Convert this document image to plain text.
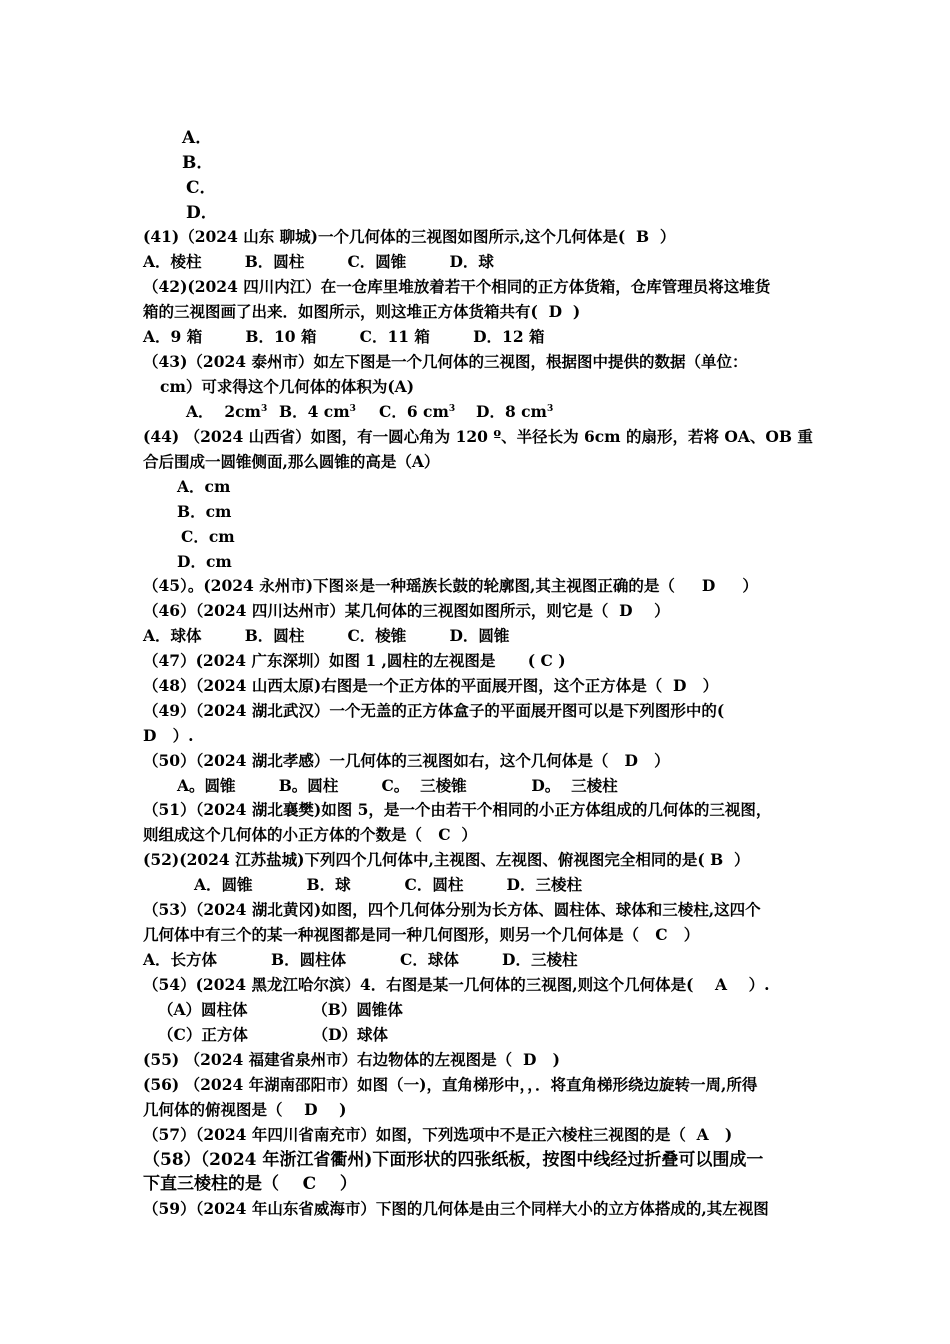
A．
B．
C．
D．
(41)（2024 山东 聊城)一个几何体的三视图如图所示,这个几何体是(  B  ）
A．棱柱        B．圆柱        C．圆锥        D．球
（42)(2024 四川内江）在一仓库里堆放着若干个相同的正方体货箱，仓库管理员将这堆货
箱的三视图画了出来．如图所示，则这堆正方体货箱共有(  D  )
A．9 箱        B．10 箱        C．11 箱        D．12 箱
（43)（2024 泰州市）如左下图是一个几何体的三视图，根据图中提供的数据（单位：
cm）可求得这个几何体的体积为(A)
A．  $2cm^3$ B．4 $cm^3$ C．6 $cm^3$ D．8 $cm^3$
(44) （2024 山西省）如图，有一圆心角为 120 º、半径长为 6cm 的扇形，若将 OA、OB 重
合后围成一圆锥侧面,那么圆锥的高是（A）
A．cm
B．cm
C．cm
D．cm
（45）。(2024 永州市)下图※是一种瑶族长鼓的轮廓图,其主视图正确的是（     D     ）
（46）（2024 四川达州市）某几何体的三视图如图所示，则它是（  D    ）
A．球体        B．圆柱        C．棱锥        D．圆锥
（47）(2024 广东深圳）如图 1 ,圆柱的左视图是      ( C )
（48）（2024 山西太原)右图是一个正方体的平面展开图，这个正方体是（  D   ）
（49）（2024 湖北武汉）一个无盖的正方体盒子的平面展开图可以是下列图形中的(
D   ）.
（50）（2024 湖北孝感）一几何体的三视图如右，这个几何体是（   D   ）
A。圆锥        B。圆柱        C。  三棱锥            D。  三棱柱
（51）（2024 湖北襄樊)如图 5，是一个由若干个相同的小正方体组成的几何体的三视图，
则组成这个几何体的小正方体的个数是（   C  ）
(52)(2024 江苏盐城)下列四个几何体中,主视图、左视图、俯视图完全相同的是( B  ）
A．圆锥          B．球          C．圆柱        D．三棱柱
（53）（2024 湖北黄冈)如图，四个几何体分别为长方体、圆柱体、球体和三棱柱,这四个
几何体中有三个的某一种视图都是同一种几何图形，则另一个几何体是（   C   ）
A．长方体          B．圆柱体          C．球体        D．三棱柱
（54）(2024 黑龙江哈尔滨）4．右图是某一几何体的三视图,则这个几何体是(    A    ）.
（A）圆柱体            （B）圆锥体
（C）正方体            （D）球体
(55) （2024 福建省泉州市）右边物体的左视图是（  D   )
(56) （2024 年湖南邵阳市）如图（一)，直角梯形中，，．将直角梯形绕边旋转一周,所得
几何体的俯视图是（    D    )
（57）（2024 年四川省南充市）如图，下列选项中不是正六棱柱三视图的是（  A   )
（58）（2024 年浙江省衢州)下面形状的四张纸板，按图中线经过折叠可以围成一
下直三棱柱的是（    C    ）
（59）（2024 年山东省威海市）下图的几何体是由三个同样大小的立方体搭成的,其左视图
